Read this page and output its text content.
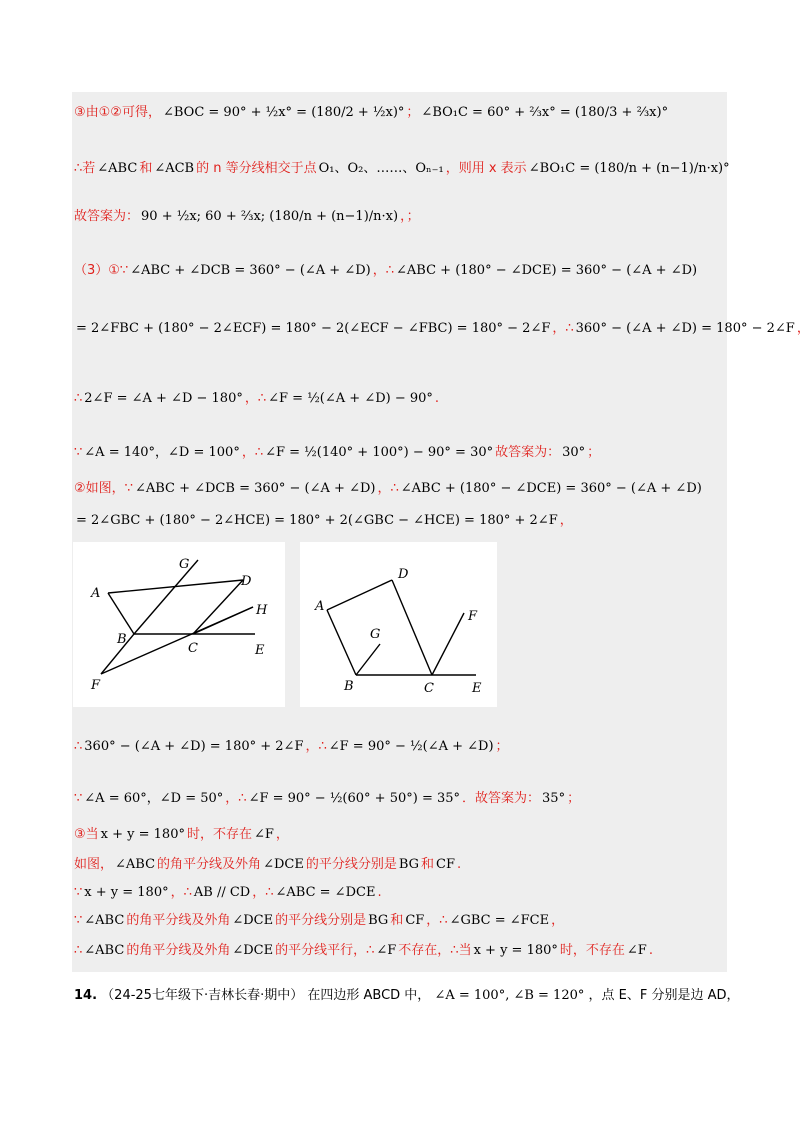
③由①②可得， ∠BOC = 90° + ½x° = (180/2 + ½x)° ； ∠BO₁C = 60° + ⅔x° = (180/3 + ⅔x)°
∴若 ∠ABC 和 ∠ACB 的 n 等分线相交于点 O₁、O₂、……、Oₙ₋₁ ，则用 x 表示 ∠BO₁C = (180/n + (n−1)/n·x)°
故答案为： 90 + ½x; 60 + ⅔x; (180/n + (n−1)/n·x) ，；
（3）①∵ ∠ABC + ∠DCB = 360° − (∠A + ∠D) ，∴ ∠ABC + (180° − ∠DCE) = 360° − (∠A + ∠D)
= 2∠FBC + (180° − 2∠ECF) = 180° − 2(∠ECF − ∠FBC) = 180° − 2∠F ，∴ 360° − (∠A + ∠D) = 180° − 2∠F ，
∴ 2∠F = ∠A + ∠D − 180° ，∴ ∠F = ½(∠A + ∠D) − 90° .
∵ ∠A = 140°，∠D = 100° ，∴ ∠F = ½(140° + 100°) − 90° = 30° 故答案为： 30° ；
②如图，∵ ∠ABC + ∠DCB = 360° − (∠A + ∠D) ，∴ ∠ABC + (180° − ∠DCE) = 360° − (∠A + ∠D)
= 2∠GBC + (180° − 2∠HCE) = 180° + 2(∠GBC − ∠HCE) = 180° + 2∠F ，
∴ 360° − (∠A + ∠D) = 180° + 2∠F ，∴ ∠F = 90° − ½(∠A + ∠D) ；
∵ ∠A = 60°，∠D = 50° ，∴ ∠F = 90° − ½(60° + 50°) = 35° ．故答案为： 35° ；
③当 x + y = 180° 时，不存在 ∠F ，
如图， ∠ABC 的角平分线及外角 ∠DCE 的平分线分别是 BG 和 CF .
∵ x + y = 180° ，∴ AB // CD ，∴ ∠ABC = ∠DCE .
∵ ∠ABC 的角平分线及外角 ∠DCE 的平分线分别是 BG 和 CF ，∴ ∠GBC = ∠FCE ，
∴ ∠ABC 的角平分线及外角 ∠DCE 的平分线平行，∴ ∠F 不存在，∴当 x + y = 180° 时，不存在 ∠F .
A
B
C
D
E
F
G
H	A
B	C
D
E
F
G
14. （24-25七年级下·吉林长春·期中） 在四边形 ABCD 中， ∠A = 100°, ∠B = 120° ，点 E、F 分别是边 AD，
